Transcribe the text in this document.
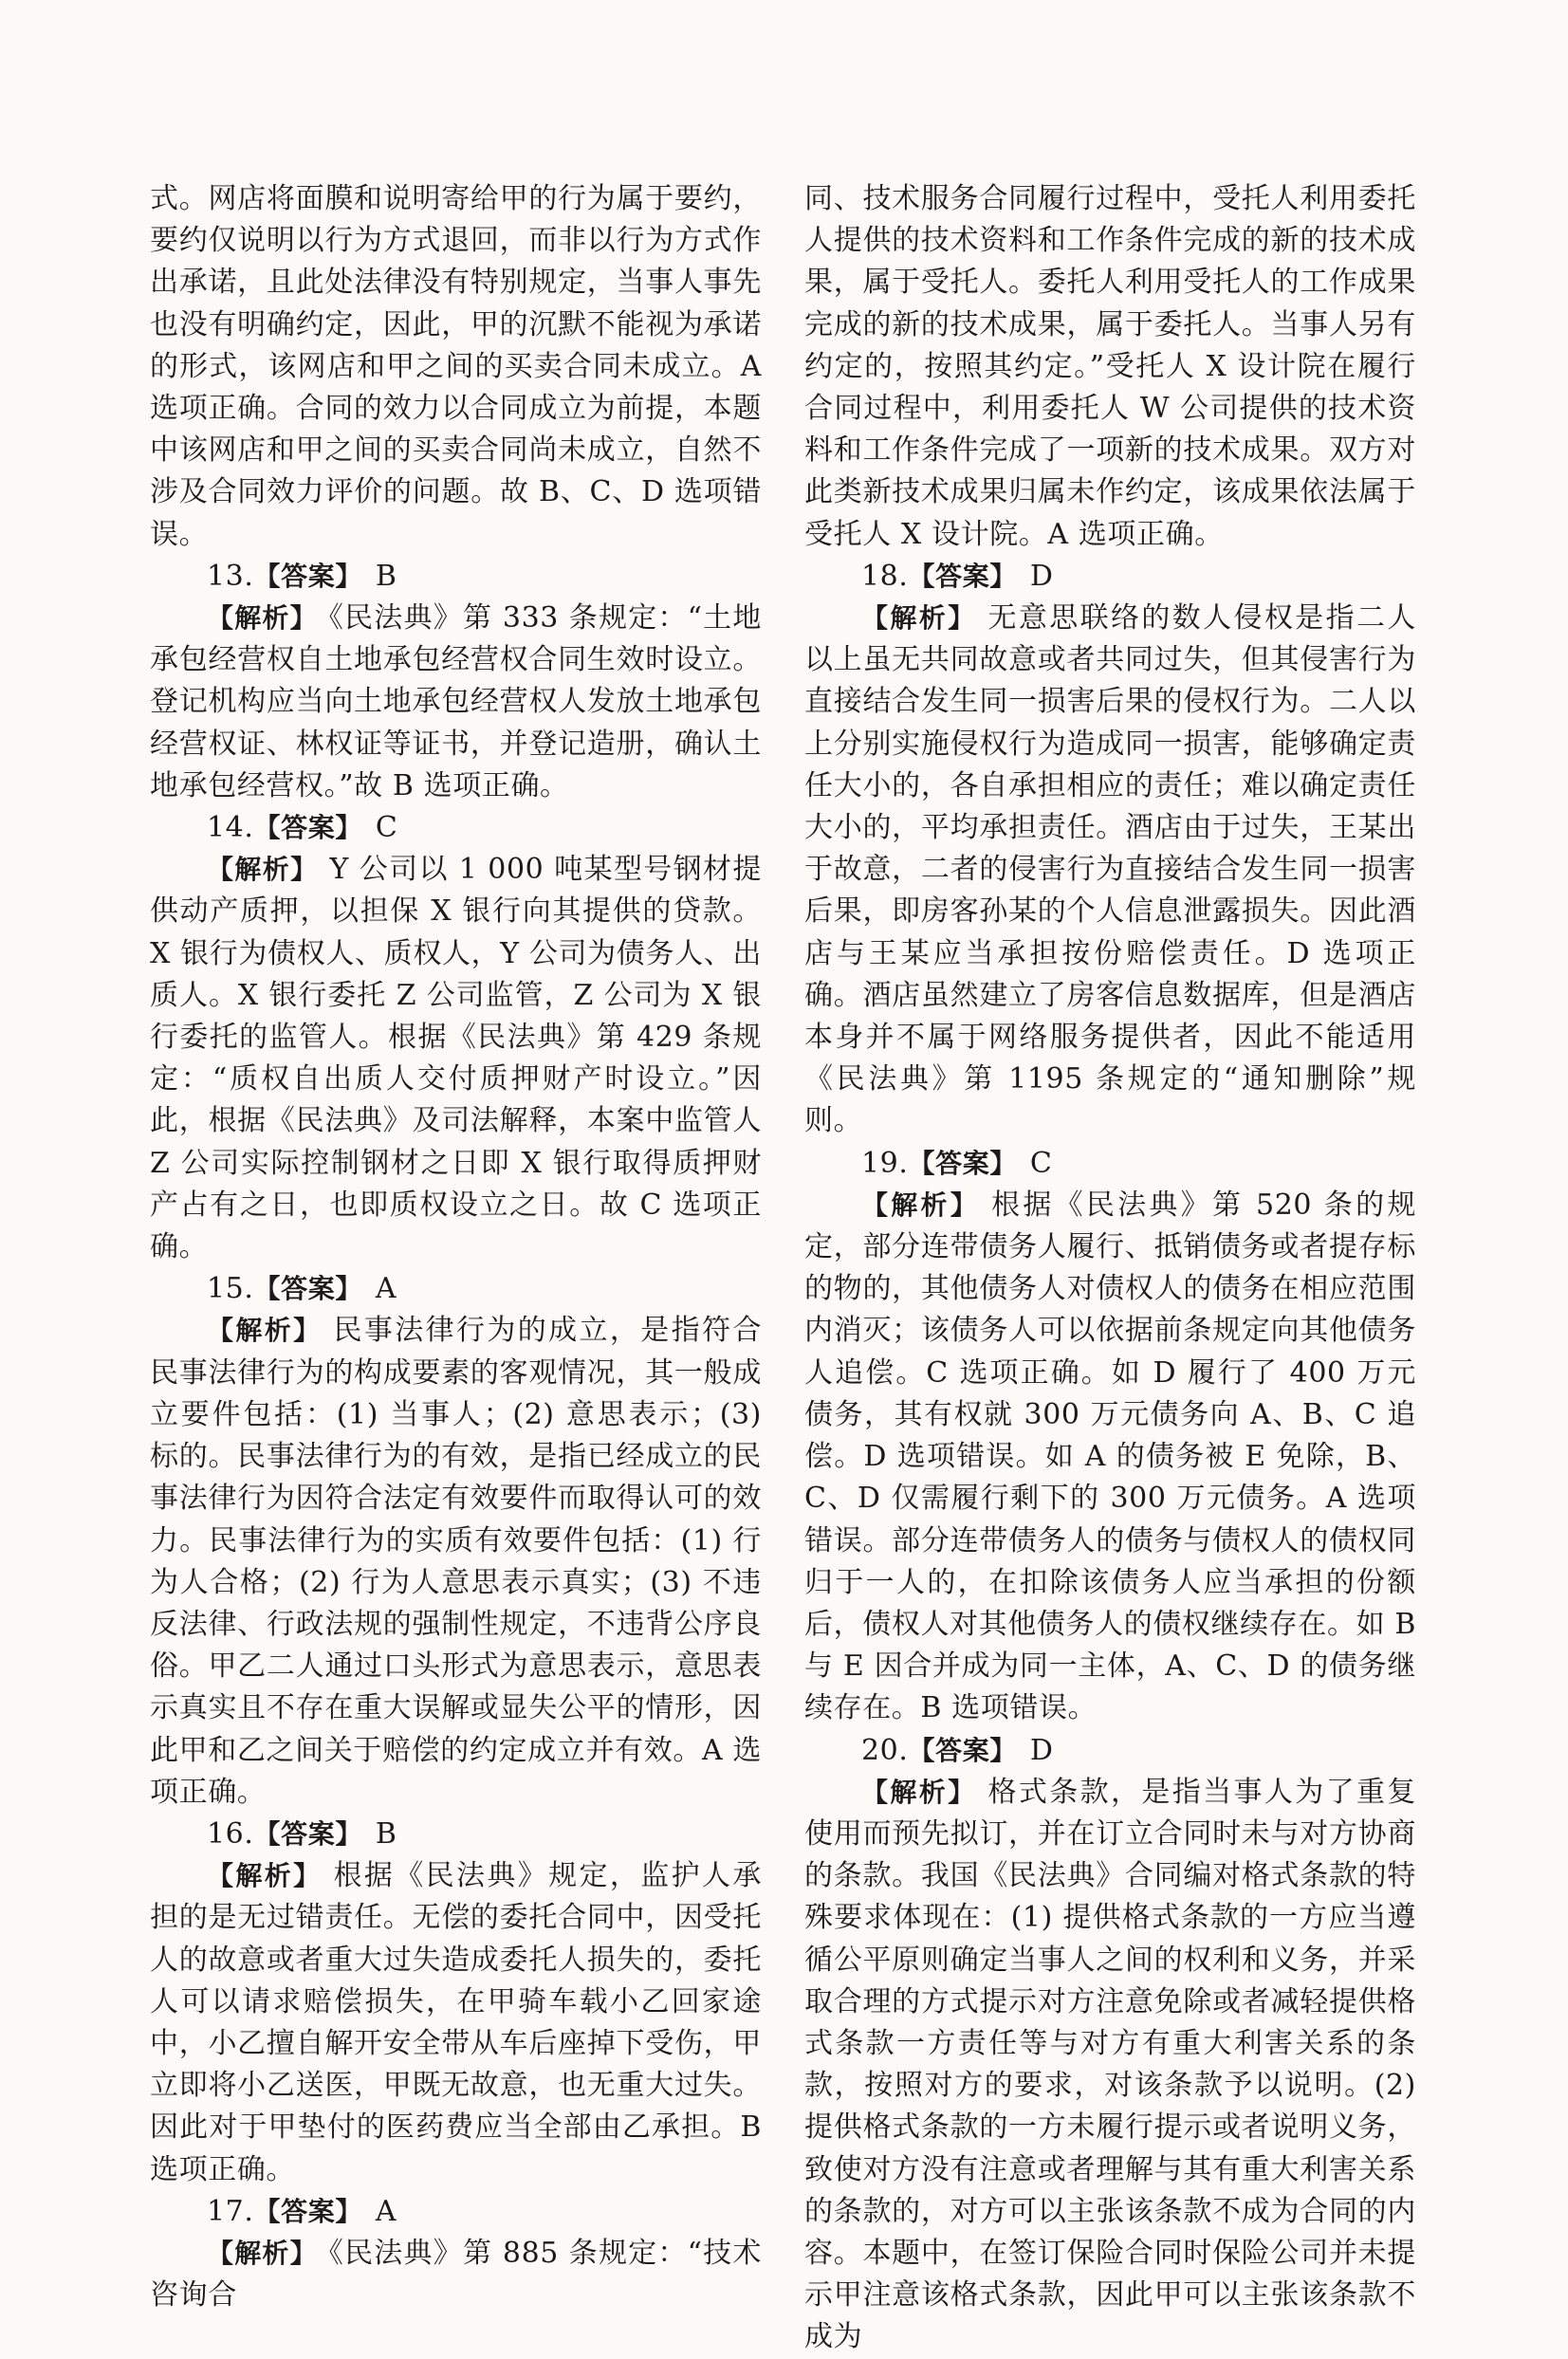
式。网店将面膜和说明寄给甲的行为属于要约，要约仅说明以行为方式退回，而非以行为方式作出承诺，且此处法律没有特别规定，当事人事先也没有明确约定，因此，甲的沉默不能视为承诺的形式，该网店和甲之间的买卖合同未成立。A 选项正确。合同的效力以合同成立为前提，本题中该网店和甲之间的买卖合同尚未成立，自然不涉及合同效力评价的问题。故 B、C、D 选项错误。

13.【答案】 B

【解析】 《民法典》第 333 条规定：“土地承包经营权自土地承包经营权合同生效时设立。登记机构应当向土地承包经营权人发放土地承包经营权证、林权证等证书，并登记造册，确认土地承包经营权。”故 B 选项正确。

14.【答案】 C

【解析】 Y 公司以 1 000 吨某型号钢材提供动产质押，以担保 X 银行向其提供的贷款。X 银行为债权人、质权人，Y 公司为债务人、出质人。X 银行委托 Z 公司监管，Z 公司为 X 银行委托的监管人。根据《民法典》第 429 条规定：“质权自出质人交付质押财产时设立。”因此，根据《民法典》及司法解释，本案中监管人 Z 公司实际控制钢材之日即 X 银行取得质押财产占有之日，也即质权设立之日。故 C 选项正确。

15.【答案】 A

【解析】 民事法律行为的成立，是指符合民事法律行为的构成要素的客观情况，其一般成立要件包括：(1) 当事人；(2) 意思表示；(3) 标的。民事法律行为的有效，是指已经成立的民事法律行为因符合法定有效要件而取得认可的效力。民事法律行为的实质有效要件包括：(1) 行为人合格；(2) 行为人意思表示真实；(3) 不违反法律、行政法规的强制性规定，不违背公序良俗。甲乙二人通过口头形式为意思表示，意思表示真实且不存在重大误解或显失公平的情形，因此甲和乙之间关于赔偿的约定成立并有效。A 选项正确。

16.【答案】 B

【解析】 根据《民法典》规定，监护人承担的是无过错责任。无偿的委托合同中，因受托人的故意或者重大过失造成委托人损失的，委托人可以请求赔偿损失，在甲骑车载小乙回家途中，小乙擅自解开安全带从车后座掉下受伤，甲立即将小乙送医，甲既无故意，也无重大过失。因此对于甲垫付的医药费应当全部由乙承担。B 选项正确。

17.【答案】 A

【解析】 《民法典》第 885 条规定：“技术咨询合

同、技术服务合同履行过程中，受托人利用委托人提供的技术资料和工作条件完成的新的技术成果，属于受托人。委托人利用受托人的工作成果完成的新的技术成果，属于委托人。当事人另有约定的，按照其约定。”受托人 X 设计院在履行合同过程中，利用委托人 W 公司提供的技术资料和工作条件完成了一项新的技术成果。双方对此类新技术成果归属未作约定，该成果依法属于受托人 X 设计院。A 选项正确。

18.【答案】 D

【解析】 无意思联络的数人侵权是指二人以上虽无共同故意或者共同过失，但其侵害行为直接结合发生同一损害后果的侵权行为。二人以上分别实施侵权行为造成同一损害，能够确定责任大小的，各自承担相应的责任；难以确定责任大小的，平均承担责任。酒店由于过失，王某出于故意，二者的侵害行为直接结合发生同一损害后果，即房客孙某的个人信息泄露损失。因此酒店与王某应当承担按份赔偿责任。D 选项正确。酒店虽然建立了房客信息数据库，但是酒店本身并不属于网络服务提供者，因此不能适用《民法典》第 1195 条规定的“通知删除”规则。

19.【答案】 C

【解析】 根据《民法典》第 520 条的规定，部分连带债务人履行、抵销债务或者提存标的物的，其他债务人对债权人的债务在相应范围内消灭；该债务人可以依据前条规定向其他债务人追偿。C 选项正确。如 D 履行了 400 万元债务，其有权就 300 万元债务向 A、B、C 追偿。D 选项错误。如 A 的债务被 E 免除，B、C、D 仅需履行剩下的 300 万元债务。A 选项错误。部分连带债务人的债务与债权人的债权同归于一人的，在扣除该债务人应当承担的份额后，债权人对其他债务人的债权继续存在。如 B 与 E 因合并成为同一主体，A、C、D 的债务继续存在。B 选项错误。

20.【答案】 D

【解析】 格式条款，是指当事人为了重复使用而预先拟订，并在订立合同时未与对方协商的条款。我国《民法典》合同编对格式条款的特殊要求体现在：(1) 提供格式条款的一方应当遵循公平原则确定当事人之间的权利和义务，并采取合理的方式提示对方注意免除或者减轻提供格式条款一方责任等与对方有重大利害关系的条款，按照对方的要求，对该条款予以说明。(2) 提供格式条款的一方未履行提示或者说明义务，致使对方没有注意或者理解与其有重大利害关系的条款的，对方可以主张该条款不成为合同的内容。本题中，在签订保险合同时保险公司并未提示甲注意该格式条款，因此甲可以主张该条款不成为
